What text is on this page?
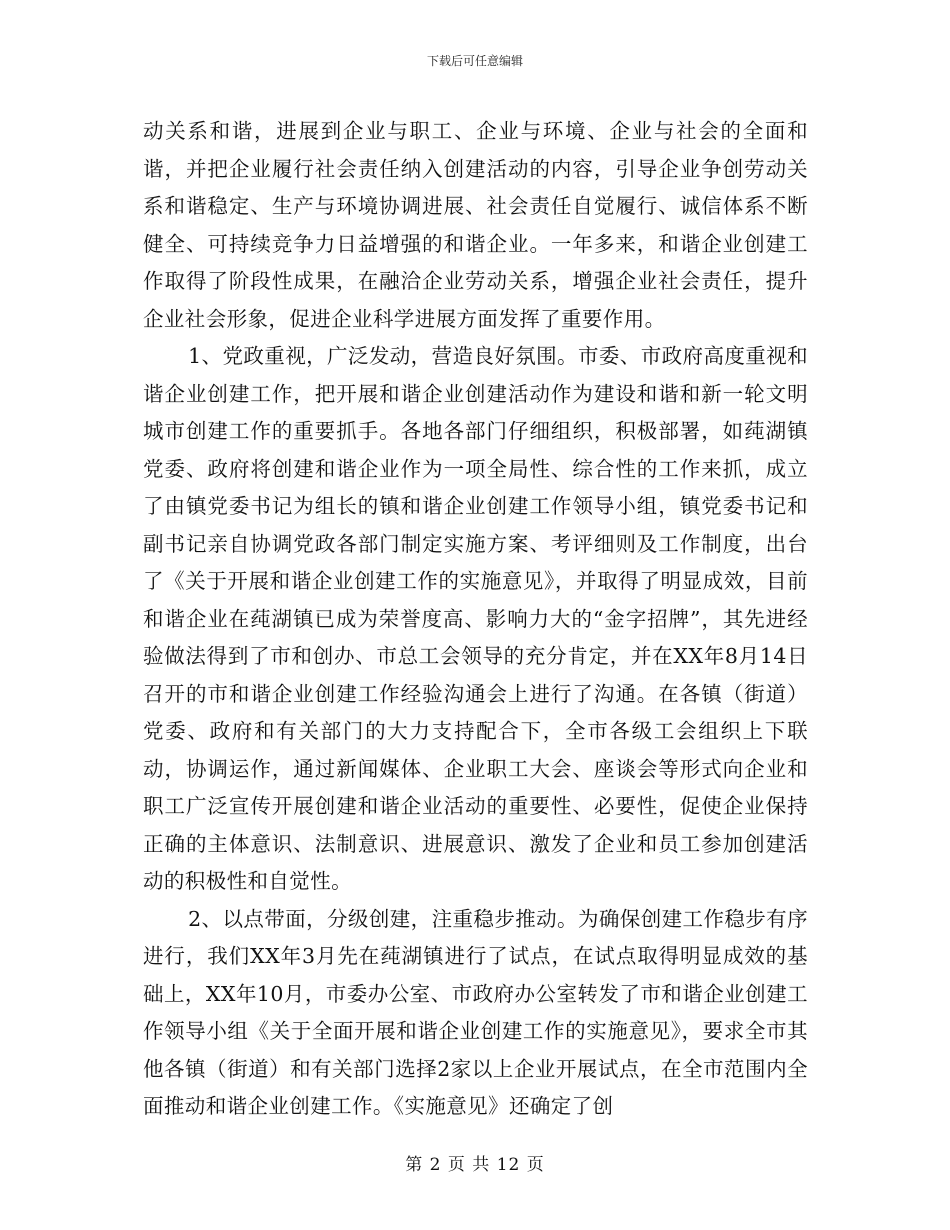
下载后可任意编辑

动关系和谐，进展到企业与职工、企业与环境、企业与社会的全面和谐，并把企业履行社会责任纳入创建活动的内容，引导企业争创劳动关系和谐稳定、生产与环境协调进展、社会责任自觉履行、诚信体系不断健全、可持续竞争力日益增强的和谐企业。一年多来，和谐企业创建工作取得了阶段性成果，在融洽企业劳动关系，增强企业社会责任，提升企业社会形象，促进企业科学进展方面发挥了重要作用。

1、党政重视，广泛发动，营造良好氛围。市委、市政府高度重视和谐企业创建工作，把开展和谐企业创建活动作为建设和谐和新一轮文明城市创建工作的重要抓手。各地各部门仔细组织，积极部署，如莼湖镇党委、政府将创建和谐企业作为一项全局性、综合性的工作来抓，成立了由镇党委书记为组长的镇和谐企业创建工作领导小组，镇党委书记和副书记亲自协调党政各部门制定实施方案、考评细则及工作制度，出台了《关于开展和谐企业创建工作的实施意见》，并取得了明显成效，目前和谐企业在莼湖镇已成为荣誉度高、影响力大的“金字招牌”，其先进经验做法得到了市和创办、市总工会领导的充分肯定，并在XX年8月14日召开的市和谐企业创建工作经验沟通会上进行了沟通。在各镇（街道）党委、政府和有关部门的大力支持配合下，全市各级工会组织上下联动，协调运作，通过新闻媒体、企业职工大会、座谈会等形式向企业和职工广泛宣传开展创建和谐企业活动的重要性、必要性，促使企业保持正确的主体意识、法制意识、进展意识、激发了企业和员工参加创建活动的积极性和自觉性。

2、以点带面，分级创建，注重稳步推动。为确保创建工作稳步有序进行，我们XX年3月先在莼湖镇进行了试点，在试点取得明显成效的基础上，XX年10月，市委办公室、市政府办公室转发了市和谐企业创建工作领导小组《关于全面开展和谐企业创建工作的实施意见》，要求全市其他各镇（街道）和有关部门选择2家以上企业开展试点，在全市范围内全面推动和谐企业创建工作。《实施意见》还确定了创

第 2 页 共 12 页
